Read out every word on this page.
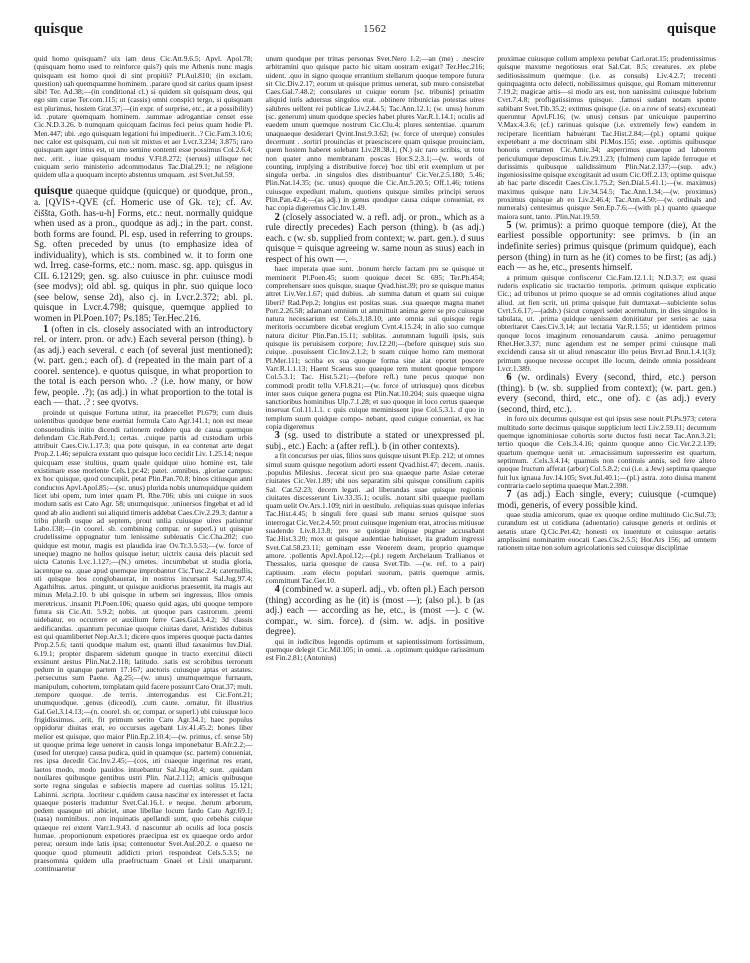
quisque	1562	quisque

quid homo quisquam? uix iam deus Cic.Att.9.6.5; Apvl. Apol.78; (quisquam homo used to reinforce quis?) quis me Athenis nunc magis quisquam est homo quoi di sint propitii? Pl.Aul.810; (in exclam. question) uah quemquamne hominem. .parare quod sit carius quam ipsest sibi! Ter. Ad.38;—(in conditional cl.) si quidem sit quisquam deus, qui ego sim curae Ter.com.115; ut (cassis) omni conspici tergo, si quisquam est plurimus, hostem Grat.37;—(in expr. of surprise, etc., at a possibility) id. .putare quemquam hominem. .summae adrogantiae censet esse Cic.N.D.3.26. b numquam quicquam facinus feci peius quam hodie Pl. Men.447; ubi. .ego quisquam legationi fui impediuerit. .? Cic.Fam.3.10.6; nec calor est quisquam, cui non sit mixtus et aer Lvcr.3.234; 3.875; raro quisquam ager intus est, ut uno semine eontenti esse possimus Col.2.6.4; nec. .erit. . iuae quisquam modus V.Fl.8.272; (seruus) uilisque nec cuiquam serio ministerio adcommodatus Tac.Dial.29.1; ne religione quidem ulla a quoquam incepto abstentus umquam. .est Svet.Jul.59.

quisque quaeque quidque (quicque) or quodque, pron., a. [QVIS+-QVE (cf. Homeric use of Gk. τε); cf. Av. čiššta, Goth. has-u-h] Forms, etc.: neut. normally quidque when used as a pron., quodque as adj.; in the part. const. both forms are found. Pl. esp. used in referring to groups. Sg. often preceded by unus (to emphasize idea of individuality), which is sts. combined w. it to form one wd. Irreg. case-forms, etc.: nom. masc. sg. app. quisgus in CIL 6.12129; gen. sg. also cuiusce in phr. cuiusce modi (see modvs); old abl. sg. quiqus in phr. suo quique loco (see below, sense 2d), also cj. in Lvcr.2.372; abl. pl. quisque in Lvcr.4.798; quisque, quemque applied to women in Pl.Poen.107; Ps.185; Ter.Hec.216.

1 (often in cls. closely associated with an introductory rel. or interr. pron. or adv.) Each several person (thing). b (as adj.) each several. c each (of several just mentioned); (w. part. gen.; each of). d (repeated in the main part of a coorel. sentence). e quotus quisque, in what proportion to the total is each person who. .? (i.e. how many, or how few, people. .?); (as adj.) in what proportion to the total is each — that. .? : see qvotvs.

proinde ut quisque Fortuna utitur, ita praecellet Pl.679; cum diuis uolentibus quodque bene eueniat formula Cato Agr.141.1; non est meae consuetudinis initio dicendi rationem reddere qua de causa quemque defendam Cic.Rab.Perd.1; certas. .cuique partis ad custodiam urbis attribuit Caes.Civ.1.17.3; qua pote quisque, in ea contenat arte degat Prop.2.1.46; sepulcra exstant quo quisque loco cecidit Liv. 1.25.14; neque quicquam esse stultius, quam quale quidque uiuo homine est, tale existimare esse moriente Cels.1.pr.42; patet. .omnibus. .gloriae campus: ex hoc quisque, quod concupiit, petat Plin.Pan.70.8; binos citiusque anni conductos Apvl.Apol.85;—(sc. unus) plurida nobis unumquidque quidem licet ubi opem, tum inter quam Pl. Rhe.706; ubis uni cuique in suos modum satis est Cato Agr. 58; unumquisque. .uniuersos fingebat et ad id quod ab alio audienti sui aliquid timeris addebat Caes.Civ.2.29.3; dantur a tribu plurib usque ad septem, prout unlia cuiusque uires patiuntur Labo.138;—(in coorel. sb. combining compar. or superl.) ut quisque crudelissime oppugnatur tum lenissime subleuatis Cic.Cha.202; cuo quidque est motur, magis est plaudida irae Ov.Tr.3.5.53;—(w. force of uneque) magno ne hollos quisque isetur; uictrix causa deis placuit sed uicta Catonis Lvc.1.127;—(N.) ornetes. .incumbebat ut studia gloria, iacentque ea. .quae apud quemque improbantur Cic.Tusc.2.4; caternullis, uti quisque hos conglobauerat, in nostros incursant Sal.Jug.97.4; Agathiltus. .artus. .pingunt, ut quisque auidiorus praesentit, ita magis aut minus Mela.2.10. b ubi quisque in urbem sei ingressus, Illos omnis meretricus. .insanit Pl.Poen.106; quaeso quid agas, ubi quoque tempore futura sis Cic.Att. 5.9.2; nobis. .ut quoque pars castrorum. .premi uidebatur, eo occurrere et auxilium ferre Caes.Gal.3.4.2; 3d classis aedificandas. .quantum pecuniae quoque ciuitas daret, Aristides dubitus est qui quamlibertet Nep.Ar.3.1; dicere quos imperes quoque pacta dantes Prop.2.5.6; tanti quodque malum est, quanti illud taxauimus Iuv.Dial. 6.19.1; propter disparem sidetum quoque in tracto exercitui diiecti exsinunt aestus Plin.Nat.2.118; latitudo. .satis est scrobibus terrorum pedum in quanque partem 17.167; auctoris cuiusque aptas et astates. .persecutus sum Paene. Ag.25;—(w. unus) unumquemque furnaum, manipulum, cohortem, templatam quid facere possunt Cato Orat.37; mult. .tempore quoque. .de terris. .interrogandus est Cic.Font.21; unumquodque. .genus (diceodi), .cum caute. .ornatur, fit illustrius Gal.Gel.3.14.13;—(n. coorel. sb. or, compar. or superl.) ubi cuiusque loco frigidissimus. .erit, fit primum serito Caro Agr.34.1; haec populus oppidorur diuitas erat, eo occursus agebant Liv.41.45.2; bones liber melior est quisque, quo maior Plin.Ep.2.10.4;—(w. primus, cf. sense 5b) ut quoque prima lege ueneret in causis longa imponebatur B.Afr.2.2;—(used for uterque) causa pudica, quid in quamque (sc. partem) conueniat, res ipsa decedit Cic.Inv.2.45;—(cos, uti cuaeque ingerinat res erant, laetos modo, modo pauidos intuebantur Sal.Jug.60.4; suut. .quidam nouilares quibusque gentibus ustri Plin. Nat.2.112; amicis quibusque sorte regna singulas e subiectis mapere ad cuertias solitus 15.121; Lahinni. .scripta. .locriteur c.quidem causa nascitur ex interesset et facta quaeque posteris traduntur Svet.Cal.16.1. e neque. .herum arborum, pedem quasque uti abiciet, unae libellae locum fardo Cato Agr.69.1; (uasa) nominibus. .non inquinatis apellandi sunt, quo cebehis cuique quaeque rei extent Varr.L.9.43. d nascuntur ab oculis ad loca poscis humae. .proportionum expetiores praecipua est ex quaeque ordo ardor perea; uersum inde latis ipsa; contenuetur Svet.Aul.20.2. e quaeso ne quoque quod plumeutit adidicti priori respondeat Cels.5.3.5; ne praesomnia quidem ulla praefructuam Gnaei et Lixii unarparunt. .continuaretur

unum quodque per trinas personas Svet.Nero 1.2;—an (me) . .nescire arbitramini quo quisque pacto hic uitam uostram exigat? Ter.Hec.216; uident. .quo in signo quoque errantium stellarum quoque tempore futura sit Cic.Div.2.17; eorum ut quisque primus uenerat, sub muro consistebat Caes.Gal.7.48.2; consulares ut cuique eorum [sc. tribunis] priuatim aliquid iuris aduersus singulos erat. .obtinere tribunicias potestas uires salubres uellent rei publicae Liv.2.44.5; Tac.Ann.12.1; (w. unus) horum (sc. generum) unum quodque species habet plures Var.R.1.14.1; oculis ad eaedem unum quemque nostrum Cic.Clu.4; plures sententiae. .quarum unaquaeque desiderari Qvint.Inst.9.3.62; (w. force of uterque) consules decernunt . .sortiri prouincias et praesciscere quam quisque prouinciam, quem hostem haberet solebant Liv.28.38.1; (N.) sic raro scribis, ut toto non quater anno membranam poscas Hor.S.2.3.1;—(w. words of counting, implying a distributive force) 'hoc tibi erit exemplum ut per singula uerba. .in singulos dies distribuantur' Cic.Ver.2.5.180; 5.46; Plin.Nat.14.35; (sc. unus) quoque die Cic.Att.5.20.5; Off.1.46; totiens cuiusque expediunt malum, quotiens quisque similes principi seruos Plin.Pan.42.4;—(as adj.) in genus quodque causa cuique conueniat, ex hac copia digeremus Cic.Inv.1.49.

2 (closely associated w. a refl. adj. or pron., which as a rule directly precedes) Each person (thing). b (as adj.) each. c (w. sb. supplied from context; w. part. gen.). d suus quisque = quisque agreeing w. same noun as suus) each in respect of his own —.

haec imperata quae sunt. .bonum hercle factam pro se quisque ut meminerit Pl.Poen.45; suom quoique decet Sr. 695; Ter.Ph.454; comprehensare suos quisque, suaque Qvad.hist.39; pro se quisque manus attret Liv.Ver.1.67; quid dubius. .ab summa datum et quam sui cuique liberi? Rad.Pep.2; longius est positas suas. .sua quaeque magna manet Porr.2.26.58; adamant omnium ut ammittuit anima gerre se pro cuiusque natura necessarium est Cels.3.18.10; ante omnia sui quisque regis meritoris occumbere dicebat eregium Cvnt.4.15.24; in alio suo cumque natura dicitur Plin.Pan.15.11; sublitas. .autumnam luguili ipsis, suis quisque iis peruisisem corpore; Juv.12.20;—(before quisque) suis suo cuique. .posuissent Cic.Inv.2.1.2; b suam cuique homo ram memorat Pl.Mer.111; scriba ex sua quoque forma sine alat oportet poscere Varr.R.1.1.13; Haent Scaeus suo quaeque rem mutent quoque tempore Col.5.3.1; Tac. Hist.5.21;—(before refl.) tune pecus quoque non commodi prodit tellu V.Fl.8.21;—(w. force of utriusque) quos dicebus inter suos cuique genera pugna est Plin.Nat.10.204; suis quaeque uigna sanctioribus hominibus Ulp.7.1.28; et suo quoque in loco certus quaeque inseruat Col.11.1.1. c quis cuique meminissent ipse Col.5.3.1. d quo in templum suum quidque compo- nebant, quod cuique conueniat, ex hac copia digeremus

3 (sg. used to distribute a stated or unexpressed pl. subj., etc.) Each: a (after refl.). b (in other contexts).

a fit concursus per uias, filios suos quisque uisunt Pl.Ep. 212; ut omnes simul suum quisque negotium adorti essent Qvad.hist.47; decem. .nauis. .populus Milesius. .fecerat sicut pro sua quaeque parte Asiae ceterae ciuitates Cic.Ver.1.89; ubi uos separatim sibi quisque consilium capitis Sal. Cat.52.23; decem legati. .ad liberandas suae quisque regionis ciuitates discesserunt Liv.33.35.1; oculis. .notant sibi quaeque puellam quam uelit Ov.Ars.1.109; niri in uestibulo. .reliquias suas quisque inferias Tac.Hist.4.45; b singuli fere quasi sub manu seruos quisque suos interrogat Cic.Ver.2.4.50; prout cuiusque ingenium erat, atrocius mitiusue suadendo Liv.8.13.8; pro se quisque iniquae pugnae accusabant Tac.Hist.3.20; mox ut quisque audentiae habuisset, ita gradum ingressi Svet.Cal.58.23.11; geminam esse Venerem deam, proprio quamque amore. .pollentis Apvl.Apol.12;—(pl.) regem Archelaum Trallianos et Thessalos, uaria quosque de causa Svet.Tib. —(w. ref. to a pair) captiuum. .eam electo populari suorum, patris quemque armis, committunt Tac.Ger.10.

4 (combined w. a superl. adj., vb. often pl.) Each person (thing) according as he (it) is (most —); (also pl.). b (as adj.) each — according as he, etc., is (most —). c (w. compar., w. sim. force). d (sim. w. adjs. in positive degree).

qui in iudicibus legendis optimum et sapientissimum fortissimum, quemque delegit Cic.Mil.105; in omni. .a. .optimum quidque rarissimum est Fin.2.81; (Antonius)

proximae cuiusque collum amplexu petebat Carl.orat.15; prudentissimus quisque maxume negotiosus erat Sal.Cat. 8.5; creatures. .ex plebe seditiosissimum quemque (i.e. as consuls) Liv.4.2.7; trecenti quinquaginta octo delecti, nobilissimus quisque, qui Romam mitterentur 7.19.2; magicae artis—si modo ars est, non uanissimi cuiusque lubrium Cvrt.7.4.8; profligatissimus quisque. .famosi sudant notam sponte subibant Svet.Tib.35.2; extimus quisque (i.e. on a row of seats) excuneati queruntur Apvl.Fl.16; (w. unus) census par unicuique pauperrino V.Max.4.3.6; (cf.) rarinuas quisque (i.e. extremely few) eandem in reciperare licentiam habuerant Tac.Hist.2.84;—(pl.) optami quique expetebant a me doctrinam sibi Pl.Mos.155; esse. .optimis quibusque honoris certamen Cic.Amic.34; asperrimus quaeque ad laborem periculumque deposcimus Liv.29.1.23; (fulmen) cum lapide ferroque et durissimis quibusque ualidissimum Plin.Nat.2.137;—(sup. adv.) ingeniosissime quisque excogitauit ad usum Cic.Off.2.13; optime quisque ab hac parte discedit Caes.Civ.1.75.2; Sen.Dial.5.41.1;—(w. maximus) maximus quisque natu Liv.34.54.5; Tac.Ann.1.34;—(w. proximus) proximus quisque ab eo Liv.2.46.4; Tac.Ann.4.50;—(w. ordinals and numerals) centesimus quisque Sen.Ep.7.6;—(with pl.) quanto quaeque maiora sunt, tanto. .Plin.Nat.19.59.

5 (w. primus): a primo quoque tempore (die), At the earliest possible opportunity: see primvs. b (in an indefinite series) primus quisque (primum quidque), each person (thing) in turn as he (it) comes to be first; (as adj.) each — as he, etc., presents himself.

a primum quisque confiscerur Cic.Fam.12.1.1; N.D.3.7; est quasi ruderis explicatio sic tractactio temporis. .primum quisque explicatio Cic.; ad tribunos ut primo quoque se ad omnis cogitationes aliud atque aliud. .ut fien scrit, uti prima quisque fuit dumtaxat—subiciente solus Cvrt.5.6.17;—(adsb.) (sicut congeri sedet acernulum, in dies singulos in tabulata, ut. .prima quidque uenissem donititatur per series ac uasa obteritaret Caes.Civ.3.14; aut lectatia Var.R.1.55; ut identidem primos quoque locos imaginum renouandarum causa. .animo peruagemur Rhet.Her.3.37; nunc agendum est ne semper primi cuiusque mali excidendi causa sit ut aliud renascatur illo peius Brvt.ad Brut.1.4.1(3); primum quoque necesse occupet ille locum, deinde omnia possideant Lvcr.1.389.

6 (w. ordinals) Every (second, third, etc.) person (thing). b (w. sb. supplied from context); (w. part. gen.) every (second, third, etc., one of). c (as adj.) every (second, third, etc.).

in foro uix decumus quisque est qui ipsus sese nouit Pl.Ps.973; cetera multitudo sorte decimus quisque supplicium lecti Liv.2.59.11; decumum quemque ignominiosae cohortis sorte ductos fusti necat Tac.Ann.3.21; tertio quoque die Cels.3.4.16; quinto quoque anno Cic.Ver.2.2.139; quartum quemque uenit ut. .emacissimum supresserint est quartum, septimum. .Cels.3.4.14; quamuis non continuis annis, sed fere altero quoque fructum afferat (arbor) Col.5.8.2; cui (i.e. a Jew) septima quaeque fuit lux ignaua Juv.14.105; Svet.Jul.40.1;—(pl.) astra. .toto diuisa manent contraria caelo septima quaeque Man.2.398.

7 (as adj.) Each single, every; cuiusque (-cumque) modi, generis, of every possible kind.

quae studia amicorum, quae ex quoque ordine multitudo Cic.Sul.73; curandum est ut cotidiana (aduentatio) caiusque generis et ordinis et aetatis utare Q.Cic.Pet.42; honesti ex iuuentute et cuiusque aetatis amplissimi nominatim euocati Caes.Cis.2.5.5; Hor.Ars 156; ad omnem rationem uitae non solum agricolationis sed cuiusque disciplinae
